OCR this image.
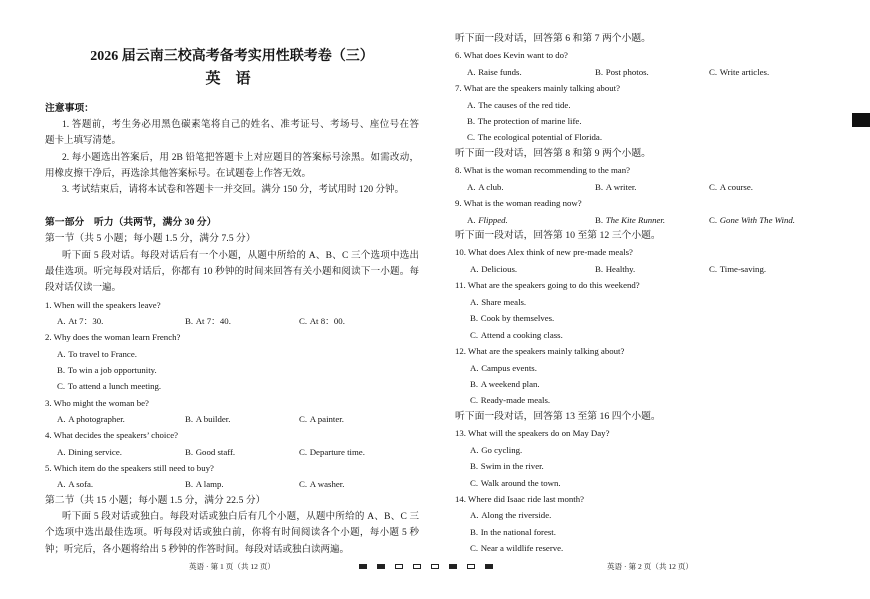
2026 届云南三校高考备考实用性联考卷（三）
英　语
注意事项：
1. 答题前，考生务必用黑色碳素笔将自己的姓名、准考证号、考场号、座位号在答
题卡上填写清楚。
2. 每小题选出答案后，用 2B 铅笔把答题卡上对应题目的答案标号涂黑。如需改动，
用橡皮擦干净后，再选涂其他答案标号。在试题卷上作答无效。
3. 考试结束后，请将本试卷和答题卡一并交回。满分 150 分，考试用时 120 分钟。
第一部分　听力（共两节，满分 30 分）
第一节（共 5 小题；每小题 1.5 分，满分 7.5 分）
听下面 5 段对话。每段对话后有一个小题，从题中所给的 A、B、C 三个选项中选出
最佳选项。听完每段对话后，你都有 10 秒钟的时间来回答有关小题和阅读下一小题。每
段对话仅读一遍。
1. When will the speakers leave?
A. At 7：30.	B. At 7：40.	C. At 8：00.
2. Why does the woman learn French?
A. To travel to France.
B. To win a job opportunity.
C. To attend a lunch meeting.
3. Who might the woman be?
A. A photographer.	B. A builder.	C. A painter.
4. What decides the speakers’ choice?
A. Dining service.	B. Good staff.	C. Departure time.
5. Which item do the speakers still need to buy?
A. A sofa.	B. A lamp.	C. A washer.
第二节（共 15 小题；每小题 1.5 分，满分 22.5 分）
听下面 5 段对话或独白。每段对话或独白后有几个小题，从题中所给的 A、B、C 三
个选项中选出最佳选项。听每段对话或独白前，你将有时间阅读各个小题，每小题 5 秒
钟；听完后，各小题将给出 5 秒钟的作答时间。每段对话或独白读两遍。
听下面一段对话，回答第 6 和第 7 两个小题。
6. What does Kevin want to do?
A. Raise funds.	B. Post photos.	C. Write articles.
7. What are the speakers mainly talking about?
A. The causes of the red tide.
B. The protection of marine life.
C. The ecological potential of Florida.
听下面一段对话，回答第 8 和第 9 两个小题。
8. What is the woman recommending to the man?
A. A club.	B. A writer.	C. A course.
9. What is the woman reading now?
A. Flipped.	B. The Kite Runner.	C. Gone With The Wind.
听下面一段对话，回答第 10 至第 12 三个小题。
10. What does Alex think of new pre-made meals?
A. Delicious.	B. Healthy.	C. Time-saving.
11. What are the speakers going to do this weekend?
A. Share meals.
B. Cook by themselves.
C. Attend a cooking class.
12. What are the speakers mainly talking about?
A. Campus events.
B. A weekend plan.
C. Ready-made meals.
听下面一段对话，回答第 13 至第 16 四个小题。
13. What will the speakers do on May Day?
A. Go cycling.
B. Swim in the river.
C. Walk around the town.
14. Where did Isaac ride last month?
A. Along the riverside.
B. In the national forest.
C. Near a wildlife reserve.
英语 · 第 1 页（共 12 页）	英语 · 第 2 页（共 12 页）
